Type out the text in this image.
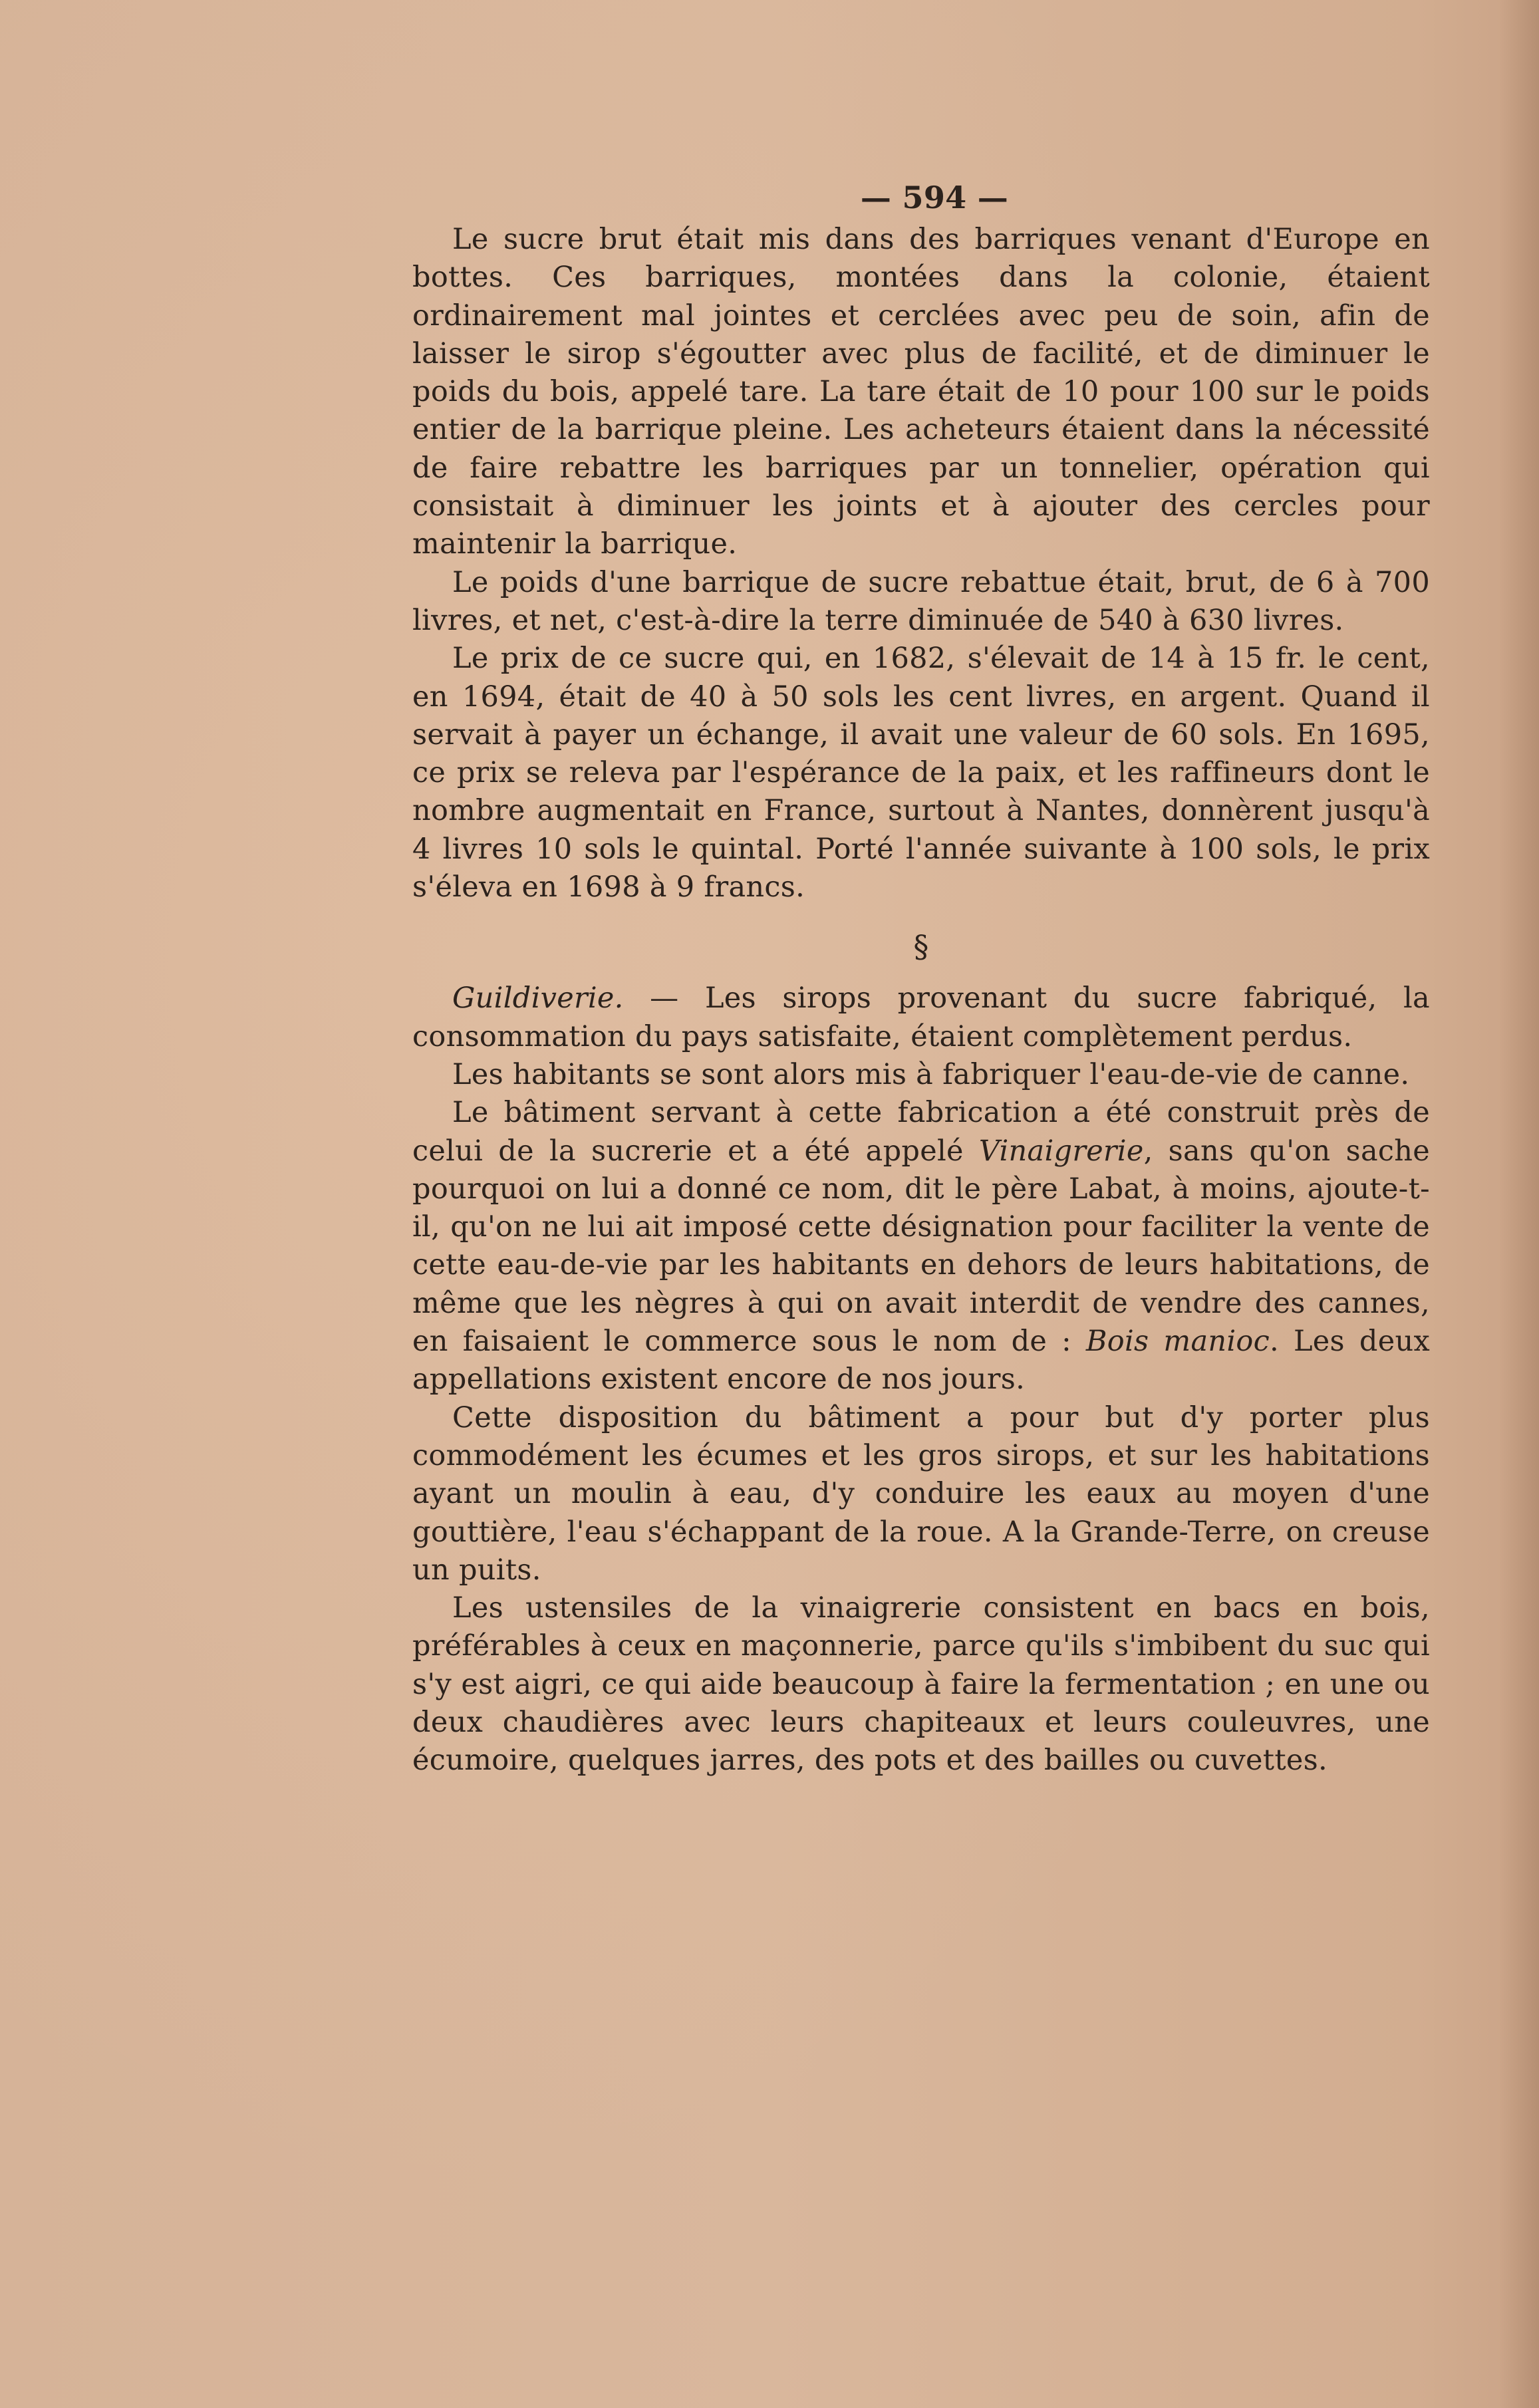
— 594 —

Le sucre brut était mis dans des barriques venant d'Europe en bottes. Ces barriques, montées dans la colonie, étaient ordinairement mal jointes et cerclées avec peu de soin, afin de laisser le sirop s'égoutter avec plus de facilité, et de diminuer le poids du bois, appelé tare. La tare était de 10 pour 100 sur le poids entier de la barrique pleine. Les acheteurs étaient dans la nécessité de faire rebattre les barriques par un tonnelier, opération qui consistait à diminuer les joints et à ajouter des cercles pour maintenir la barrique.

Le poids d'une barrique de sucre rebattue était, brut, de 6 à 700 livres, et net, c'est-à-dire la terre diminuée de 540 à 630 livres.

Le prix de ce sucre qui, en 1682, s'élevait de 14 à 15 fr. le cent, en 1694, était de 40 à 50 sols les cent livres, en argent. Quand il servait à payer un échange, il avait une valeur de 60 sols. En 1695, ce prix se releva par l'espérance de la paix, et les raffineurs dont le nombre augmentait en France, surtout à Nantes, donnèrent jusqu'à 4 livres 10 sols le quintal. Porté l'année suivante à 100 sols, le prix s'éleva en 1698 à 9 francs.

§

Guildiverie. — Les sirops provenant du sucre fabriqué, la consommation du pays satisfaite, étaient complètement perdus.

Les habitants se sont alors mis à fabriquer l'eau-de-vie de canne.

Le bâtiment servant à cette fabrication a été construit près de celui de la sucrerie et a été appelé Vinaigrerie, sans qu'on sache pourquoi on lui a donné ce nom, dit le père Labat, à moins, ajoute-t-il, qu'on ne lui ait imposé cette désignation pour faciliter la vente de cette eau-de-vie par les habitants en dehors de leurs habitations, de même que les nègres à qui on avait interdit de vendre des cannes, en faisaient le commerce sous le nom de : Bois manioc. Les deux appellations existent encore de nos jours.

Cette disposition du bâtiment a pour but d'y porter plus commodément les écumes et les gros sirops, et sur les habitations ayant un moulin à eau, d'y conduire les eaux au moyen d'une gouttière, l'eau s'échappant de la roue. A la Grande-Terre, on creuse un puits.

Les ustensiles de la vinaigrerie consistent en bacs en bois, préférables à ceux en maçonnerie, parce qu'ils s'imbibent du suc qui s'y est aigri, ce qui aide beaucoup à faire la fermentation ; en une ou deux chaudières avec leurs chapiteaux et leurs couleuvres, une écumoire, quelques jarres, des pots et des bailles ou cuvettes.
